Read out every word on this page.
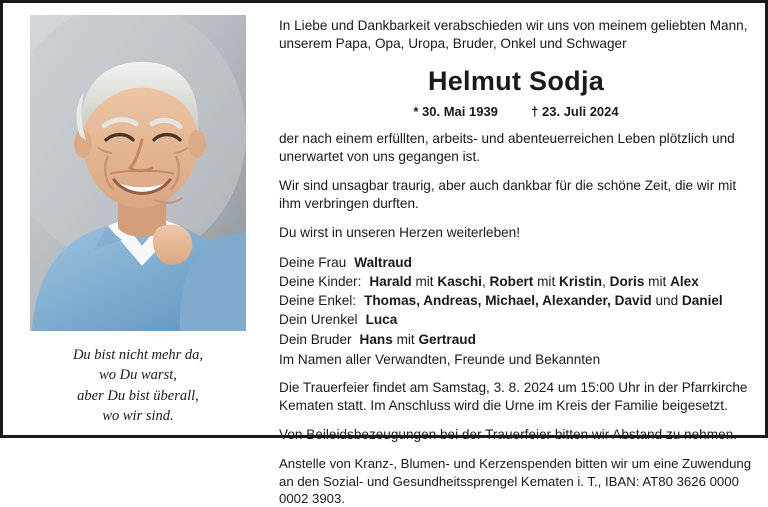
Du bist nicht mehr da,
wo Du warst,
aber Du bist überall,
wo wir sind.
In Liebe und Dankbarkeit verabschieden wir uns von meinem geliebten Mann, unserem Papa, Opa, Uropa, Bruder, Onkel und Schwager
Helmut Sodja
* 30. Mai 1939	† 23. Juli 2024
der nach einem erfüllten, arbeits- und abenteuerreichen Leben plötzlich und unerwartet von uns gegangen ist.
Wir sind unsagbar traurig, aber auch dankbar für die schöne Zeit, die wir mit ihm verbringen durften.
Du wirst in unseren Herzen weiterleben!
Deine Frau Waltraud
Deine Kinder: Harald mit Kaschi, Robert mit Kristin, Doris mit Alex
Deine Enkel: Thomas, Andreas, Michael, Alexander, David und Daniel
Dein Urenkel Luca
Dein Bruder Hans mit Gertraud
Im Namen aller Verwandten, Freunde und Bekannten
Die Trauerfeier findet am Samstag, 3. 8. 2024 um 15:00 Uhr in der Pfarrkirche Kematen statt. Im Anschluss wird die Urne im Kreis der Familie beigesetzt.
Von Beileidsbezeugungen bei der Trauerfeier bitten wir Abstand zu nehmen.
Anstelle von Kranz-, Blumen- und Kerzenspenden bitten wir um eine Zuwendung an den Sozial- und Gesundheitssprengel Kematen i. T., IBAN: AT80 3626 0000 0002 3903.
